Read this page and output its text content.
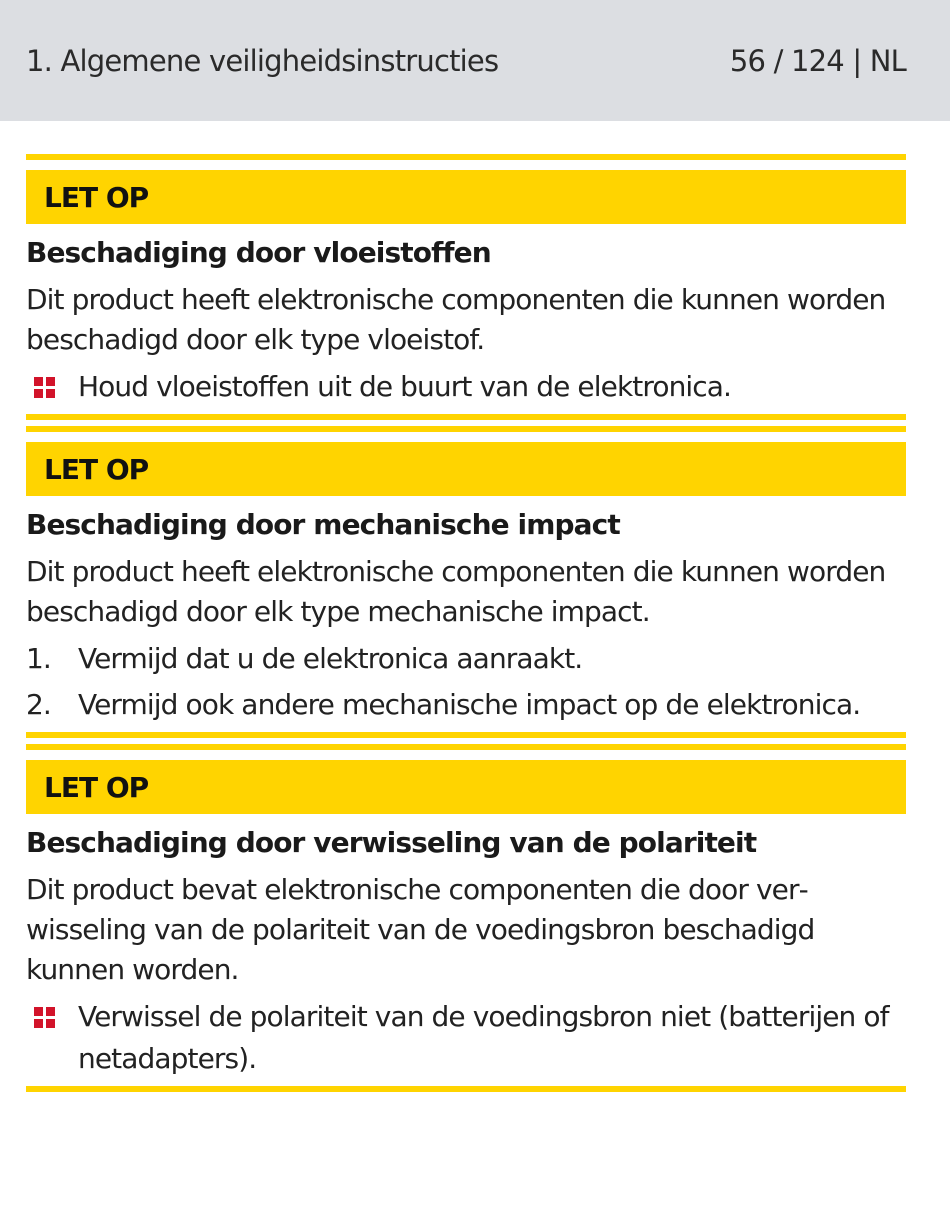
1. Algemene veiligheidsinstructies	56 / 124 | NL
LET OP
Beschadiging door vloeistoffen
Dit product heeft elektronische componenten die kunnen worden beschadigd door elk type vloeistof.
Houd vloeistoffen uit de buurt van de elektronica.
LET OP
Beschadiging door mechanische impact
Dit product heeft elektronische componenten die kunnen worden beschadigd door elk type mechanische impact.
1. Vermijd dat u de elektronica aanraakt.
2. Vermijd ook andere mechanische impact op de elektronica.
LET OP
Beschadiging door verwisseling van de polariteit
Dit product bevat elektronische componenten die door verwisseling van de polariteit van de voedingsbron beschadigd kunnen worden.
Verwissel de polariteit van de voedingsbron niet (batterijen of netadapters).
